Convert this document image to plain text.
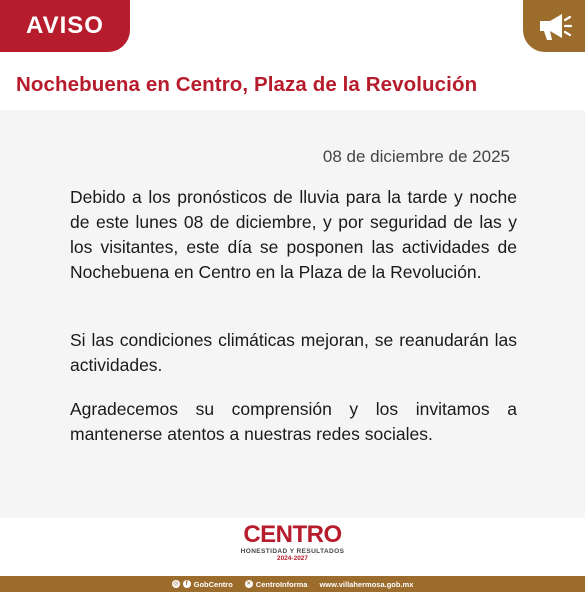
AVISO
Nochebuena en Centro, Plaza de la Revolución
08 de diciembre de 2025

Debido a los pronósticos de lluvia para la tarde y noche de este lunes 08 de diciembre, y por seguridad de las y los visitantes, este día se posponen las actividades de Nochebuena en Centro en la Plaza de la Revolución.

Si las condiciones climáticas mejoran, se reanudarán las actividades.

Agradecemos su comprensión y los invitamos a mantenerse atentos a nuestras redes sociales.

CENTRO
HONESTIDAD Y RESULTADOS
2024-2027
◎	f GobCentro ✕ CentroInforma www.villahermosa.gob.mx
